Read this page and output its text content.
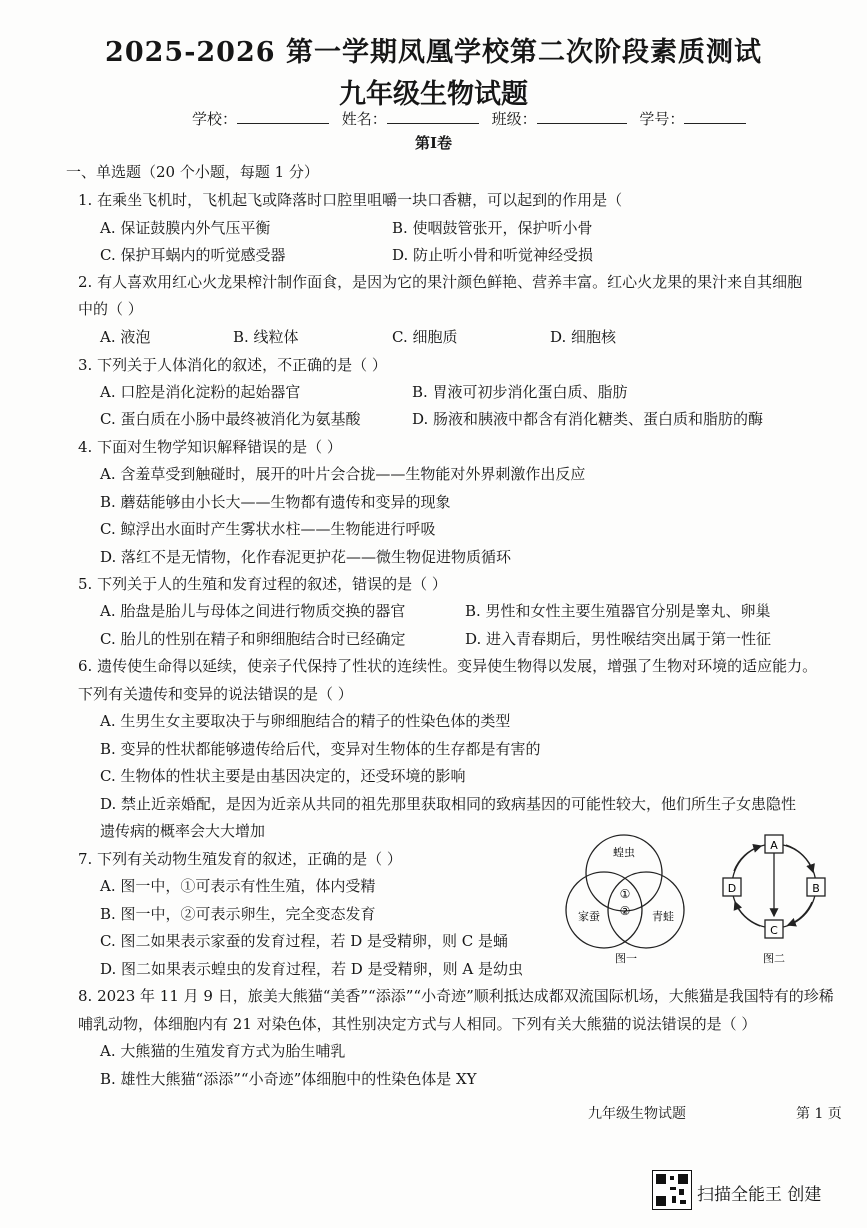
2025-2026 第一学期凤凰学校第二次阶段素质测试
九年级生物试题
学校：	姓名：	班级：	学号：
第Ⅰ卷
一、单选题（20 个小题，每题 1 分）
1. 在乘坐飞机时，飞机起飞或降落时口腔里咀嚼一块口香糖，可以起到的作用是（
A. 保证鼓膜内外气压平衡	B. 使咽鼓管张开，保护听小骨
C. 保护耳蜗内的听觉感受器	D. 防止听小骨和听觉神经受损
2. 有人喜欢用红心火龙果榨汁制作面食，是因为它的果汁颜色鲜艳、营养丰富。红心火龙果的果汁来自其细胞
中的（ ）
A. 液泡	B. 线粒体	C. 细胞质	D. 细胞核
3. 下列关于人体消化的叙述，不正确的是（ ）
A. 口腔是消化淀粉的起始器官	B. 胃液可初步消化蛋白质、脂肪
C. 蛋白质在小肠中最终被消化为氨基酸	D. 肠液和胰液中都含有消化糖类、蛋白质和脂肪的酶
4. 下面对生物学知识解释错误的是（ ）
A. 含羞草受到触碰时，展开的叶片会合拢——生物能对外界刺激作出反应
B. 蘑菇能够由小长大——生物都有遗传和变异的现象
C. 鲸浮出水面时产生雾状水柱——生物能进行呼吸
D. 落红不是无情物，化作春泥更护花——微生物促进物质循环
5. 下列关于人的生殖和发育过程的叙述，错误的是（ ）
A. 胎盘是胎儿与母体之间进行物质交换的器官	B. 男性和女性主要生殖器官分别是睾丸、卵巢
C. 胎儿的性别在精子和卵细胞结合时已经确定	D. 进入青春期后，男性喉结突出属于第一性征
6. 遗传使生命得以延续，使亲子代保持了性状的连续性。变异使生物得以发展，增强了生物对环境的适应能力。
下列有关遗传和变异的说法错误的是（ ）
A. 生男生女主要取决于与卵细胞结合的精子的性染色体的类型
B. 变异的性状都能够遗传给后代，变异对生物体的生存都是有害的
C. 生物体的性状主要是由基因决定的，还受环境的影响
D. 禁止近亲婚配，是因为近亲从共同的祖先那里获取相同的致病基因的可能性较大，他们所生子女患隐性
遗传病的概率会大大增加
7. 下列有关动物生殖发育的叙述，正确的是（ ）
A. 图一中，①可表示有性生殖，体内受精
B. 图一中，②可表示卵生，完全变态发育
C. 图二如果表示家蚕的发育过程，若 D 是受精卵，则 C 是蛹
D. 图二如果表示蝗虫的发育过程，若 D 是受精卵，则 A 是幼虫
蝗虫
家蚕	青蛙
①
②
图一
A
B
C
D
图二
8. 2023 年 11 月 9 日，旅美大熊猫“美香”“添添”“小奇迹”顺利抵达成都双流国际机场，大熊猫是我国特有的珍稀
哺乳动物，体细胞内有 21 对染色体，其性别决定方式与人相同。下列有关大熊猫的说法错误的是（ ）
A. 大熊猫的生殖发育方式为胎生哺乳
B. 雄性大熊猫“添添”“小奇迹”体细胞中的性染色体是 XY
九年级生物试题	第 1 页
扫描全能王 创建
